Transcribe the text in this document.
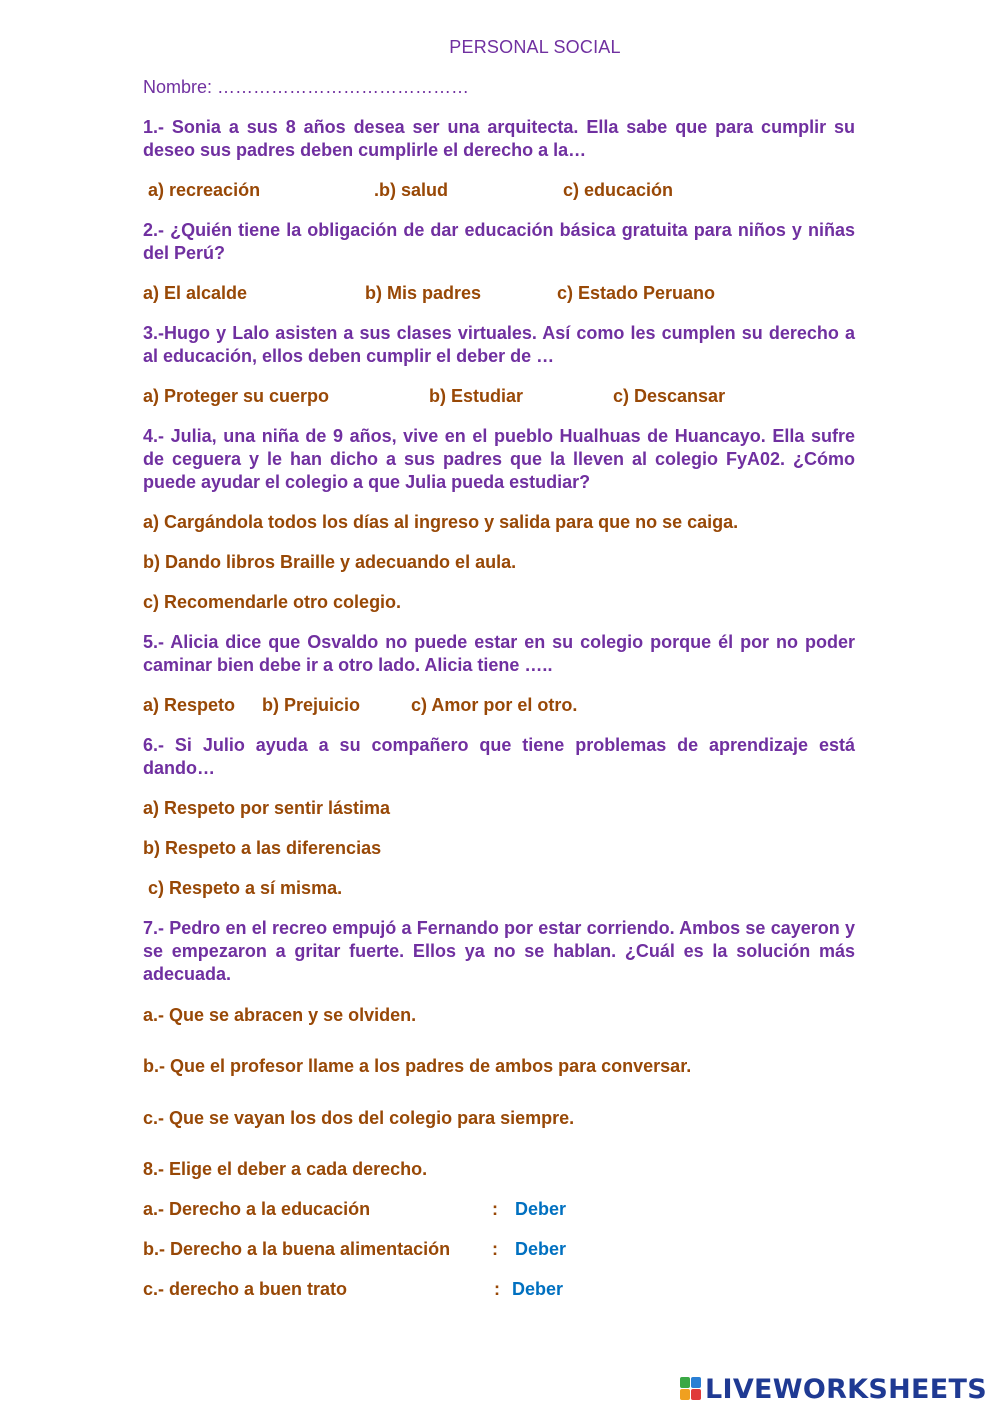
PERSONAL SOCIAL
Nombre: ……………………………………
1.- Sonia a sus 8 años desea ser una arquitecta. Ella sabe que para cumplir su deseo sus padres deben cumplirle el derecho a la…
a) recreación	.b) salud	c) educación
2.- ¿Quién tiene la obligación de dar educación básica gratuita para niños y niñas del Perú?
a) El alcalde	b) Mis padres	c) Estado Peruano
3.-Hugo y Lalo asisten a sus clases virtuales. Así como les cumplen su derecho a al educación, ellos deben cumplir el deber de …
a) Proteger su cuerpo	b) Estudiar	c) Descansar
4.- Julia, una niña de 9 años, vive en el pueblo Hualhuas de Huancayo. Ella sufre de ceguera y le han dicho a sus padres que la lleven al colegio FyA02. ¿Cómo puede ayudar el colegio a que Julia pueda estudiar?
a) Cargándola todos los días al ingreso y salida para que no se caiga.
b) Dando libros Braille y adecuando el aula.
c) Recomendarle otro colegio.
5.- Alicia dice que Osvaldo no puede estar en su colegio porque él por no poder caminar bien debe ir a otro lado. Alicia tiene …..
a) Respeto b) Prejuicio	c) Amor por el otro.
6.- Si Julio ayuda a su compañero que tiene problemas de aprendizaje está dando…
a) Respeto por sentir lástima
b) Respeto a las diferencias
c) Respeto a sí misma.
7.- Pedro en el recreo empujó a Fernando por estar corriendo. Ambos se cayeron y se empezaron a gritar fuerte. Ellos ya no se hablan. ¿Cuál es la solución más adecuada.
a.- Que se abracen y se olviden.
b.- Que el profesor llame a los padres de ambos para conversar.
c.- Que se vayan los dos del colegio para siempre.
8.- Elige el deber a cada derecho.
a.- Derecho a la educación	: Deber
b.- Derecho a la buena alimentación : Deber
c.- derecho a buen trato	: Deber
LIVEWORKSHEETS
